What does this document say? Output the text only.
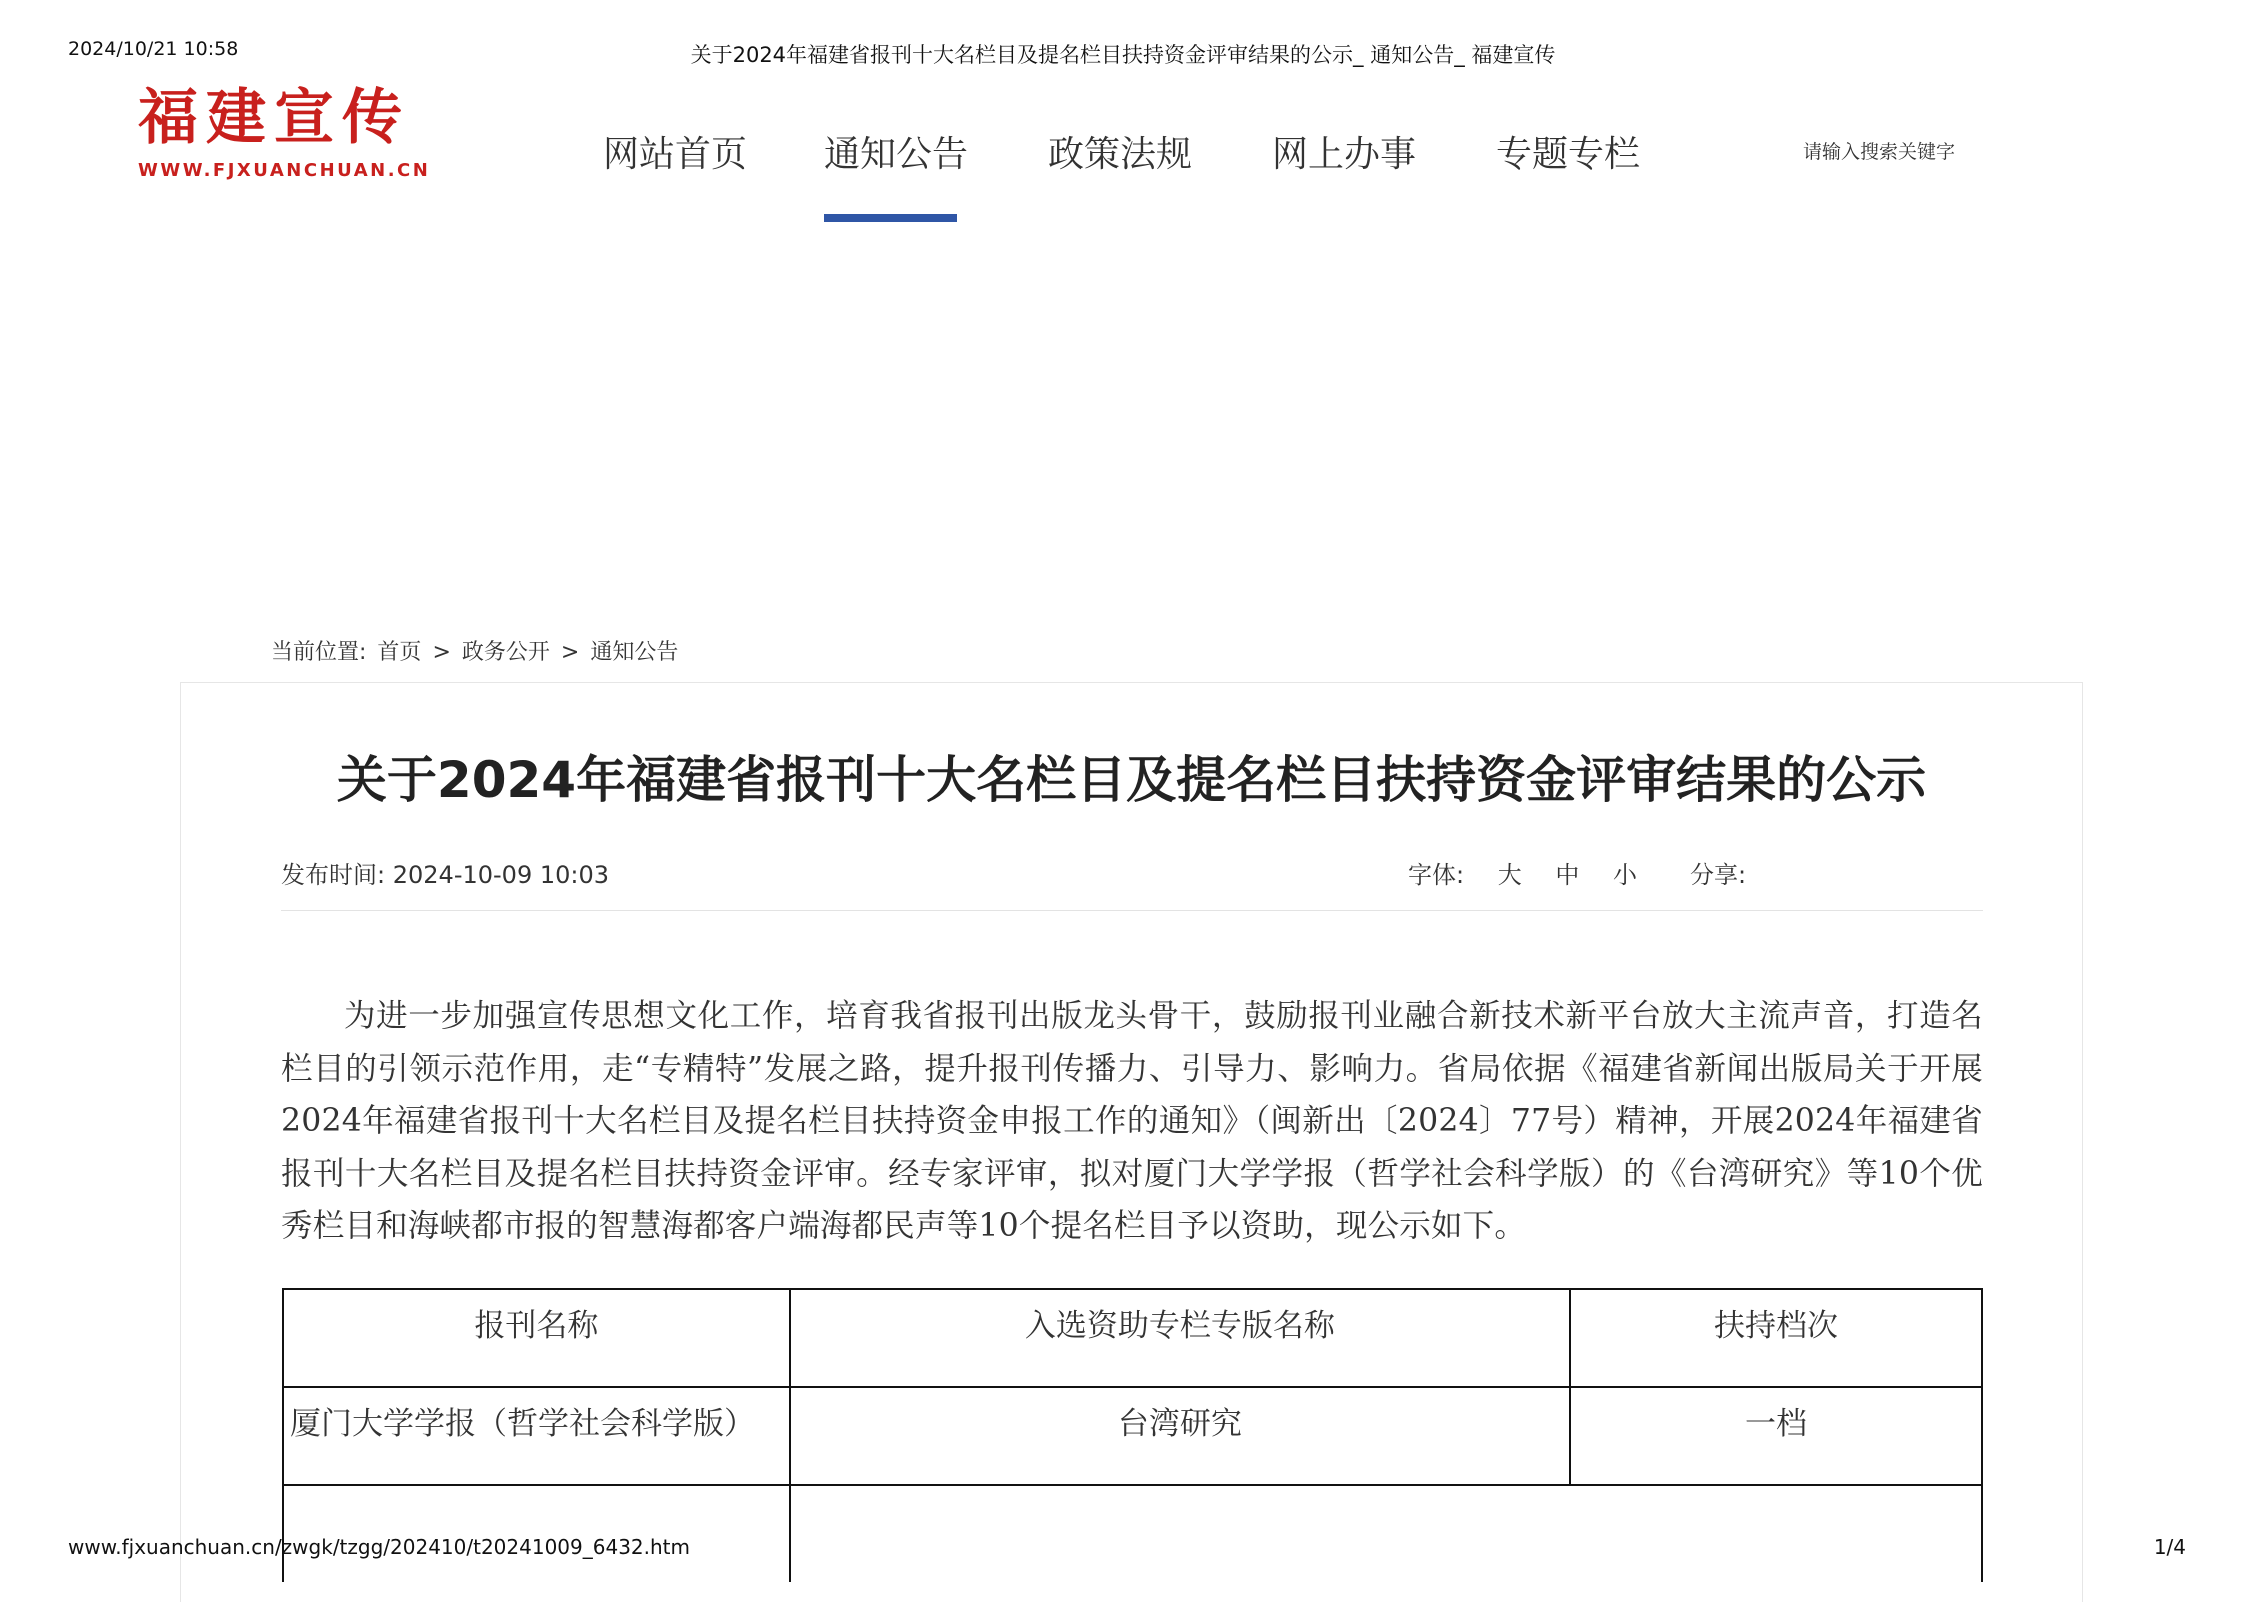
2024/10/21 10:58	关于2024年福建省报刊十大名栏目及提名栏目扶持资金评审结果的公示_ 通知公告_ 福建宣传
福建宣传
WWW.FJXUANCHUAN.CN	网站首页 通知公告 政策法规 网上办事 专题专栏	请输入搜索关键字
当前位置: 首页 > 政务公开 > 通知公告
关于2024年福建省报刊十大名栏目及提名栏目扶持资金评审结果的公示
发布时间: 2024-10-09 10:03	字体: 大 中 小 分享:
为进一步加强宣传思想文化工作，培育我省报刊出版龙头骨干，鼓励报刊业融合新技术新平台放大主流声音，打造名栏目的引领示范作用，走“专精特”发展之路，提升报刊传播力、引导力、影响力。省局依据《福建省新闻出版局关于开展2024年福建省报刊十大名栏目及提名栏目扶持资金申报工作的通知》（闽新出〔2024〕77号）精神，开展2024年福建省报刊十大名栏目及提名栏目扶持资金评审。经专家评审，拟对厦门大学学报（哲学社会科学版）的《台湾研究》等10个优秀栏目和海峡都市报的智慧海都客户端海都民声等10个提名栏目予以资助，现公示如下。
报刊名称	入选资助专栏专版名称	扶持档次
厦门大学学报（哲学社会科学版）	台湾研究	一档

www.fjxuanchuan.cn/zwgk/tzgg/202410/t20241009_6432.htm	1/4
